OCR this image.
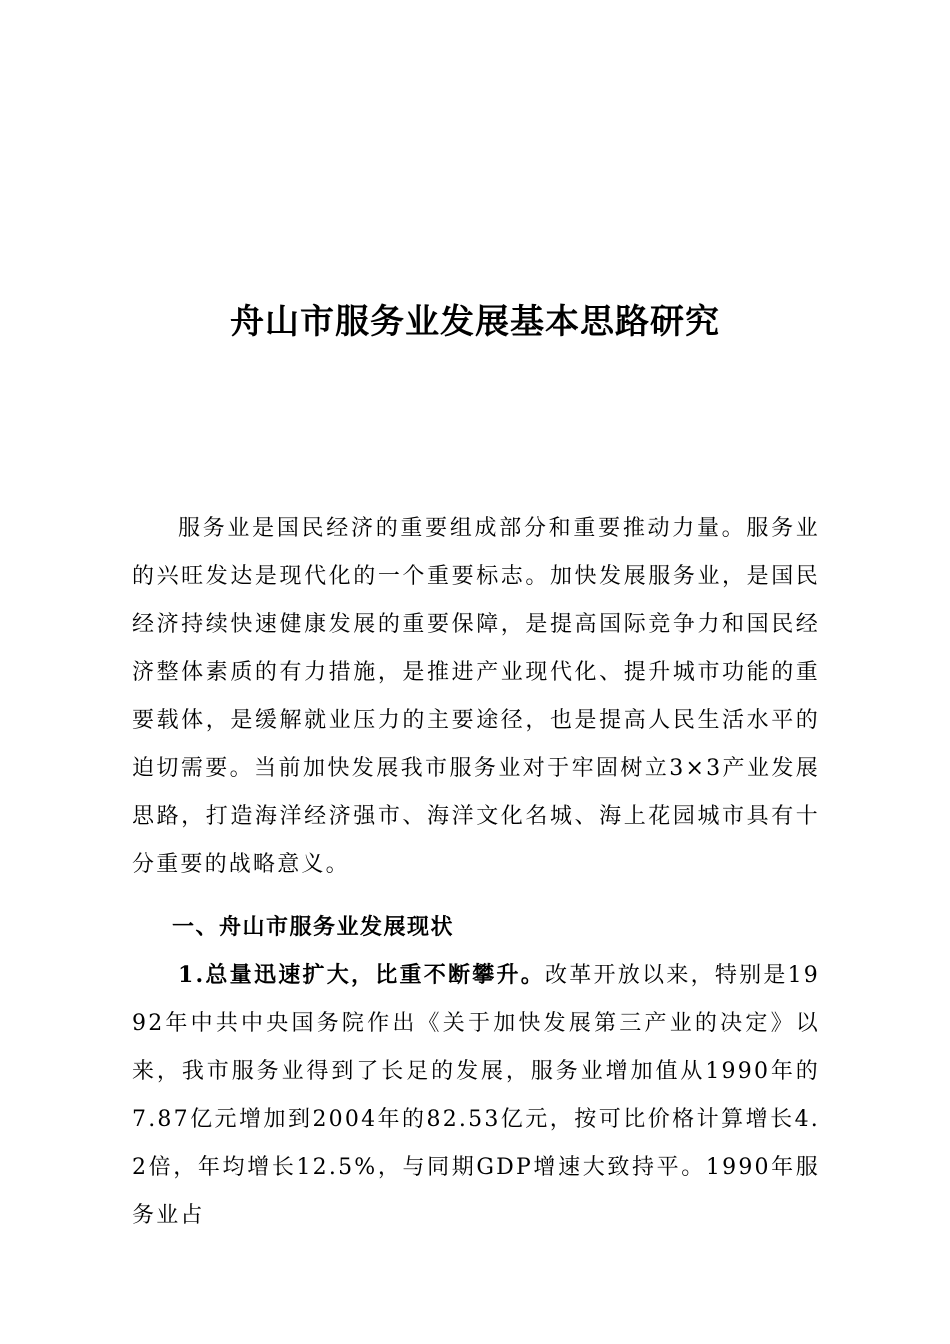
舟山市服务业发展基本思路研究

服务业是国民经济的重要组成部分和重要推动力量。服务业的兴旺发达是现代化的一个重要标志。加快发展服务业，是国民经济持续快速健康发展的重要保障，是提高国际竞争力和国民经济整体素质的有力措施，是推进产业现代化、提升城市功能的重要载体，是缓解就业压力的主要途径，也是提高人民生活水平的迫切需要。当前加快发展我市服务业对于牢固树立3×3产业发展思路，打造海洋经济强市、海洋文化名城、海上花园城市具有十分重要的战略意义。

一、舟山市服务业发展现状

1.总量迅速扩大，比重不断攀升。改革开放以来，特别是1992年中共中央国务院作出《关于加快发展第三产业的决定》以来，我市服务业得到了长足的发展，服务业增加值从1990年的7.87亿元增加到2004年的82.53亿元，按可比价格计算增长4.2倍，年均增长12.5%，与同期GDP增速大致持平。1990年服务业占
